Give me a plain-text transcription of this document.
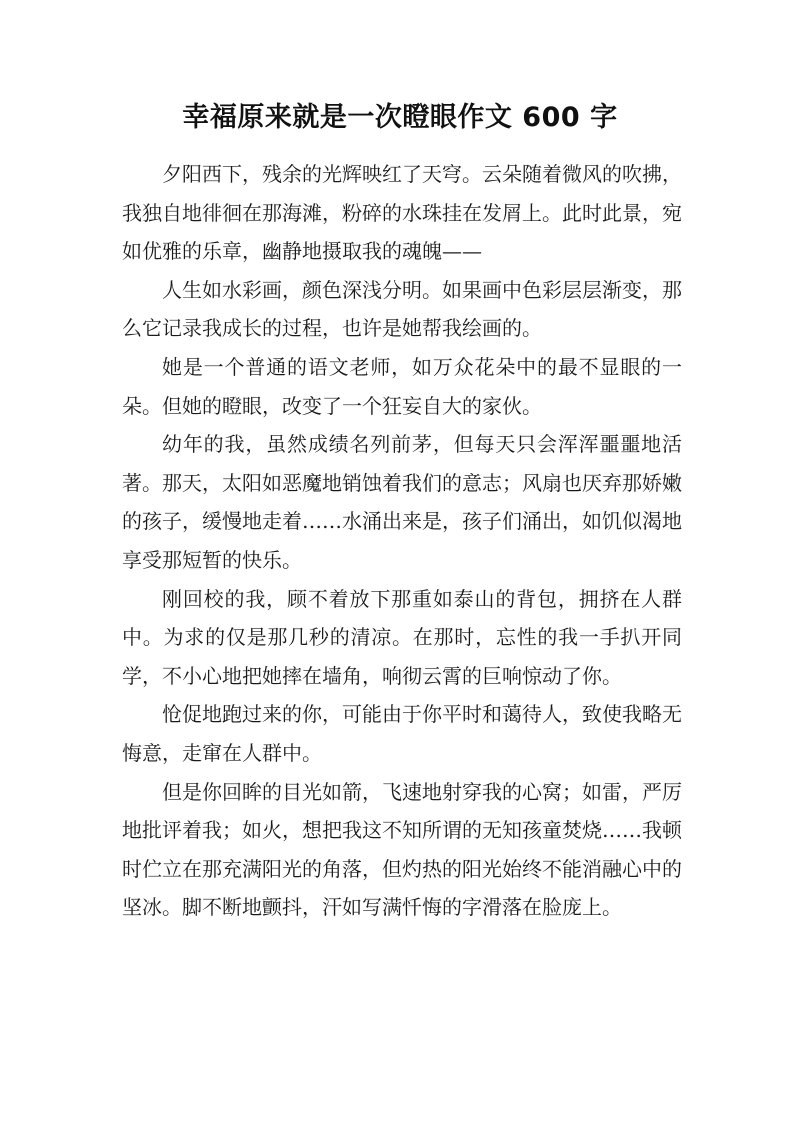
幸福原来就是一次瞪眼作文 600 字

夕阳西下，残余的光辉映红了天穹。云朵随着微风的吹拂，我独自地徘徊在那海滩，粉碎的水珠挂在发屑上。此时此景，宛如优雅的乐章，幽静地摄取我的魂魄——

人生如水彩画，颜色深浅分明。如果画中色彩层层渐变，那么它记录我成长的过程，也许是她帮我绘画的。

她是一个普通的语文老师，如万众花朵中的最不显眼的一朵。但她的瞪眼，改变了一个狂妄自大的家伙。

幼年的我，虽然成绩名列前茅，但每天只会浑浑噩噩地活著。那天，太阳如恶魔地销蚀着我们的意志；风扇也厌弃那娇嫩的孩子，缓慢地走着……水涌出来是，孩子们涌出，如饥似渴地享受那短暂的快乐。

刚回校的我，顾不着放下那重如泰山的背包，拥挤在人群中。为求的仅是那几秒的清凉。在那时，忘性的我一手扒开同学，不小心地把她摔在墙角，响彻云霄的巨响惊动了你。

怆促地跑过来的你，可能由于你平时和蔼待人，致使我略无悔意，走窜在人群中。

但是你回眸的目光如箭，飞速地射穿我的心窝；如雷，严厉地批评着我；如火，想把我这不知所谓的无知孩童焚烧……我顿时伫立在那充满阳光的角落，但灼热的阳光始终不能消融心中的坚冰。脚不断地颤抖，汗如写满忏悔的字滑落在脸庞上。
